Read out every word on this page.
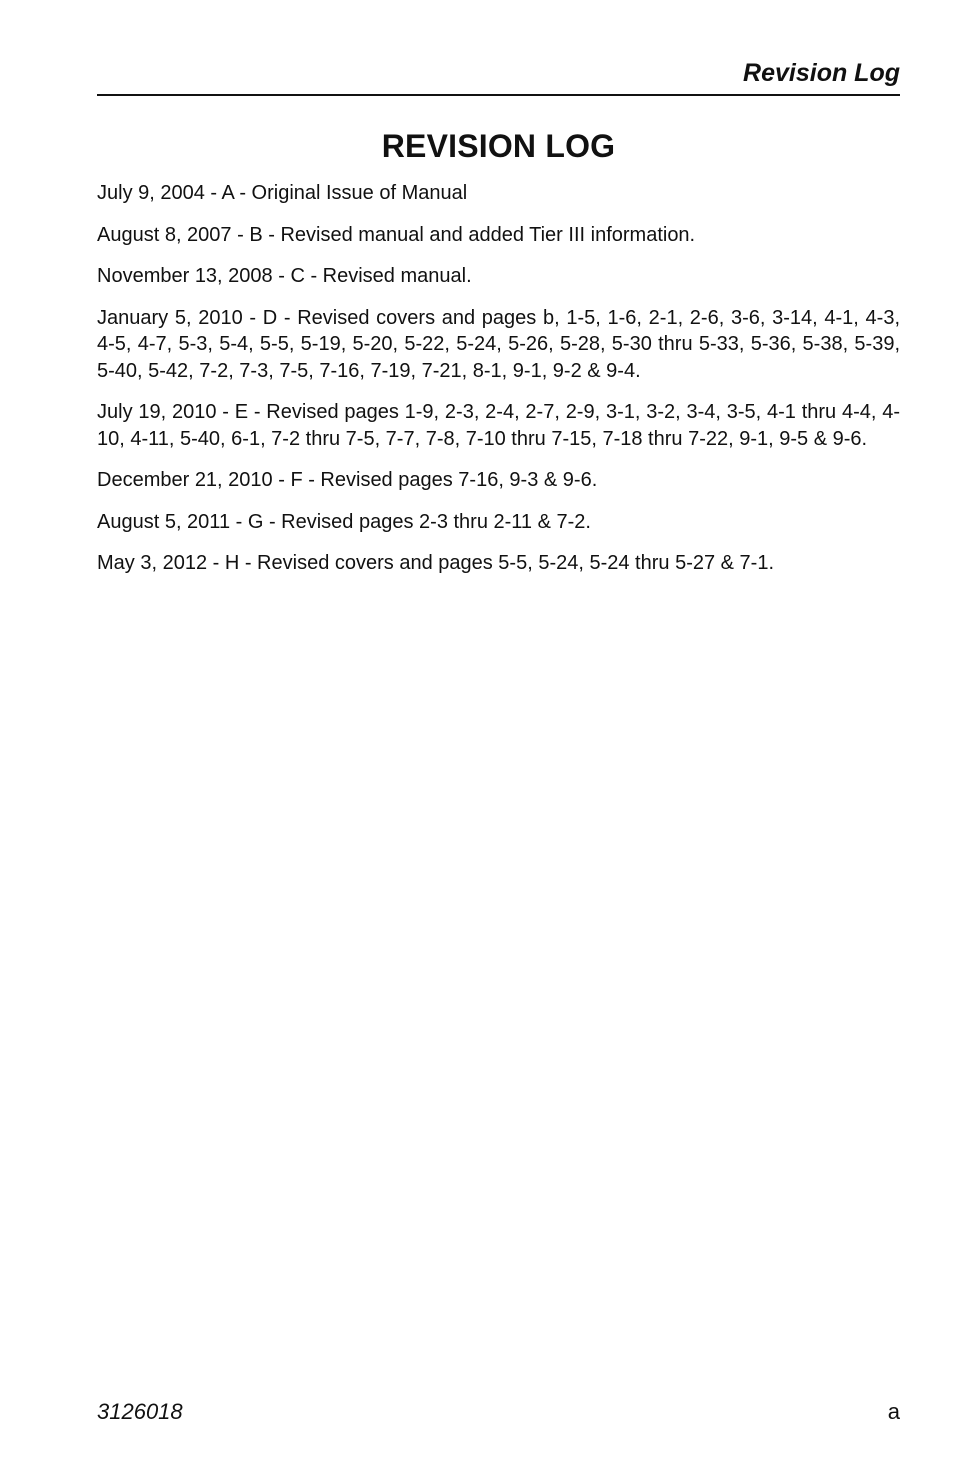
Revision Log
REVISION LOG

July 9, 2004 - A - Original Issue of Manual

August 8, 2007 - B - Revised manual and added Tier III information.

November 13, 2008 - C - Revised manual.

January 5, 2010 - D - Revised covers and pages b, 1-5, 1-6, 2-1, 2-6, 3-6, 3-14, 4-1, 4-3, 4-5, 4-7, 5-3, 5-4, 5-5, 5-19, 5-20, 5-22, 5-24, 5-26, 5-28, 5-30 thru 5-33, 5-36, 5-38, 5-39, 5-40, 5-42, 7-2, 7-3, 7-5, 7-16, 7-19, 7-21, 8-1, 9-1, 9-2 & 9-4.

July 19, 2010 - E - Revised pages 1-9, 2-3, 2-4, 2-7, 2-9, 3-1, 3-2, 3-4, 3-5, 4-1 thru 4-4, 4-10, 4-11, 5-40, 6-1, 7-2 thru 7-5, 7-7, 7-8, 7-10 thru 7-15, 7-18 thru 7-22, 9-1, 9-5 & 9-6.

December 21, 2010 - F - Revised pages 7-16, 9-3 & 9-6.

August 5, 2011 - G - Revised pages 2-3 thru 2-11 & 7-2.

May 3, 2012 - H - Revised covers and pages 5-5, 5-24, 5-24 thru 5-27 & 7-1.

3126018	a
